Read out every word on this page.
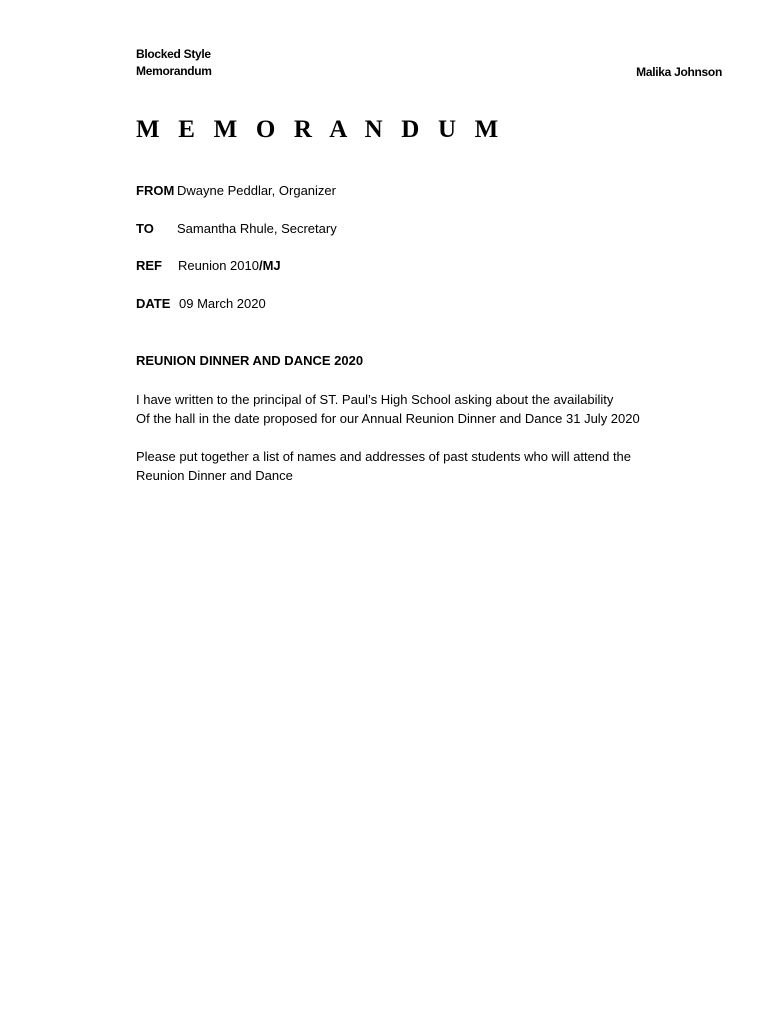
Blocked Style
Memorandum	Malika Johnson
M E M O R A N D U M
FROM Dwayne Peddlar, Organizer
TO Samantha Rhule, Secretary
REF Reunion 2010/MJ
DATE 09 March 2020
REUNION DINNER AND DANCE 2020
I have written to the principal of ST. Paul’s High School asking about the availability
Of the hall in the date proposed for our Annual Reunion Dinner and Dance 31 July 2020
Please put together a list of names and addresses of past students who will attend the
Reunion Dinner and Dance
